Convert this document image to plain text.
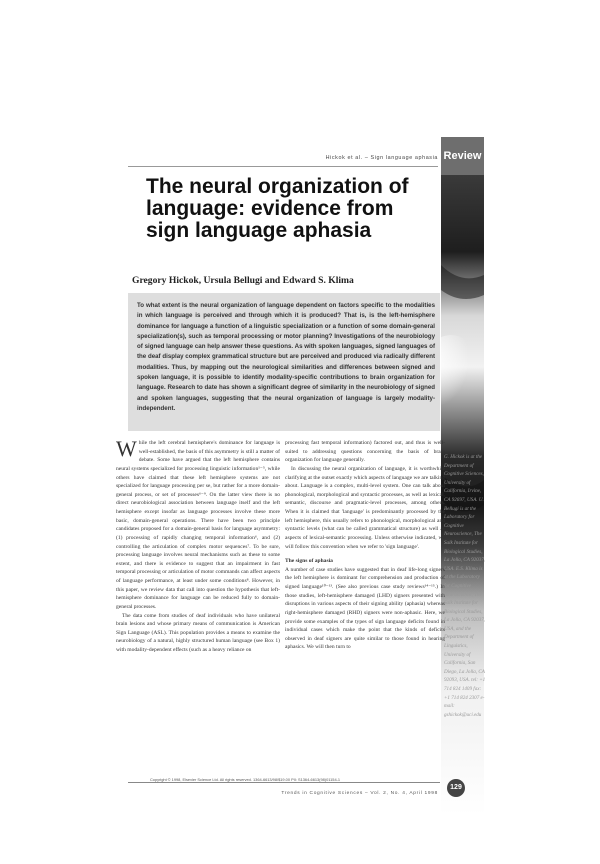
Hickok et al. – Sign language aphasia Review
The neural organization of language: evidence from sign language aphasia
Gregory Hickok, Ursula Bellugi and Edward S. Klima
To what extent is the neural organization of language dependent on factors specific to the modalities in which language is perceived and through which it is produced? That is, is the left-hemisphere dominance for language a function of a linguistic specialization or a function of some domain-general specialization(s), such as temporal processing or motor planning? Investigations of the neurobiology of signed language can help answer these questions. As with spoken languages, signed languages of the deaf display complex grammatical structure but are perceived and produced via radically different modalities. Thus, by mapping out the neurological similarities and differences between signed and spoken language, it is possible to identify modality-specific contributions to brain organization for language. Research to date has shown a significant degree of similarity in the neurobiology of signed and spoken languages, suggesting that the neural organization of language is largely modality-independent.

While the left cerebral hemisphere's dominance for language is well-established, the basis of this asymmetry is still a matter of debate. Some have argued that the left hemisphere contains neural systems specialized for processing linguistic information¹⁻⁵, while others have claimed that these left hemisphere systems are not specialized for language processing per se, but rather for a more domain-general process, or set of processes⁶⁻⁹. On the latter view there is no direct neurobiological association between language itself and the left hemisphere except insofar as language processes involve these more basic, domain-general operations. There have been two principle candidates proposed for a domain-general basis for language asymmetry: (1) processing of rapidly changing temporal information⁶, and (2) controlling the articulation of complex motor sequences⁷. To be sure, processing language involves neural mechanisms such as these to some extent, and there is evidence to suggest that an impairment in fast temporal processing or articulation of motor commands can affect aspects of language performance, at least under some conditions⁸. However, in this paper, we review data that call into question the hypothesis that left-hemisphere dominance for language can be reduced fully to domain-general processes.

The data come from studies of deaf individuals who have unilateral brain lesions and whose primary means of communication is American Sign Language (ASL). This population provides a means to examine the neurobiology of a natural, highly structured human language (see Box 1) with modality-dependent effects (such as a heavy reliance on

processing fast temporal information) factored out, and thus is well-suited to addressing questions concerning the basis of brain organization for language generally.

In discussing the neural organization of language, it is worthwhile clarifying at the outset exactly which aspects of language we are talking about. Language is a complex, multi-level system. One can talk about phonological, morphological and syntactic processes, as well as lexical, semantic, discourse and pragmatic-level processes, among others. When it is claimed that 'language' is predominantly processed by the left hemisphere, this usually refers to phonological, morphological and syntactic levels (what can be called grammatical structure) as well as aspects of lexical-semantic processing. Unless otherwise indicated, we will follow this convention when we refer to 'sign language'.

The signs of aphasia

A number of case studies have suggested that in deaf life-long signers the left hemisphere is dominant for comprehension and production of signed language¹⁰⁻¹³. (See also previous case study reviews¹⁴⁻¹⁵.) In those studies, left-hemisphere damaged (LHD) signers presented with disruptions in various aspects of their signing ability (aphasia) whereas right-hemisphere damaged (RHD) signers were non-aphasic. Here, we provide some examples of the types of sign language deficits found in individual cases which make the point that the kinds of deficits observed in deaf signers are quite similar to those found in hearing aphasics. We will then turn to

G. Hickok is at the Department of Cognitive Sciences, University of California, Irvine, CA 92697, USA. U. Bellugi is at the Laboratory for Cognitive Neuroscience, The Salk Institute for Biological Studies, La Jolla, CA 92037, USA. E.S. Klima is at the Laboratory for Cognitive Neuroscience, The Salk Institute for Biological Studies, La Jolla, CA 92037, USA, and the Department of Linguistics, University of California, San Diego, La Jolla, CA 92093, USA. tel: +1 714 824 1409 fax: +1 714 824 2307 e-mail: gshickok@uci.edu
Copyright © 1998, Elsevier Science Ltd. All rights reserved. 1364-6613/98/$19.00 PII: S1364-6613(98)01154-1
Trends in Cognitive Sciences – Vol. 2, No. 4, April 1998
129
